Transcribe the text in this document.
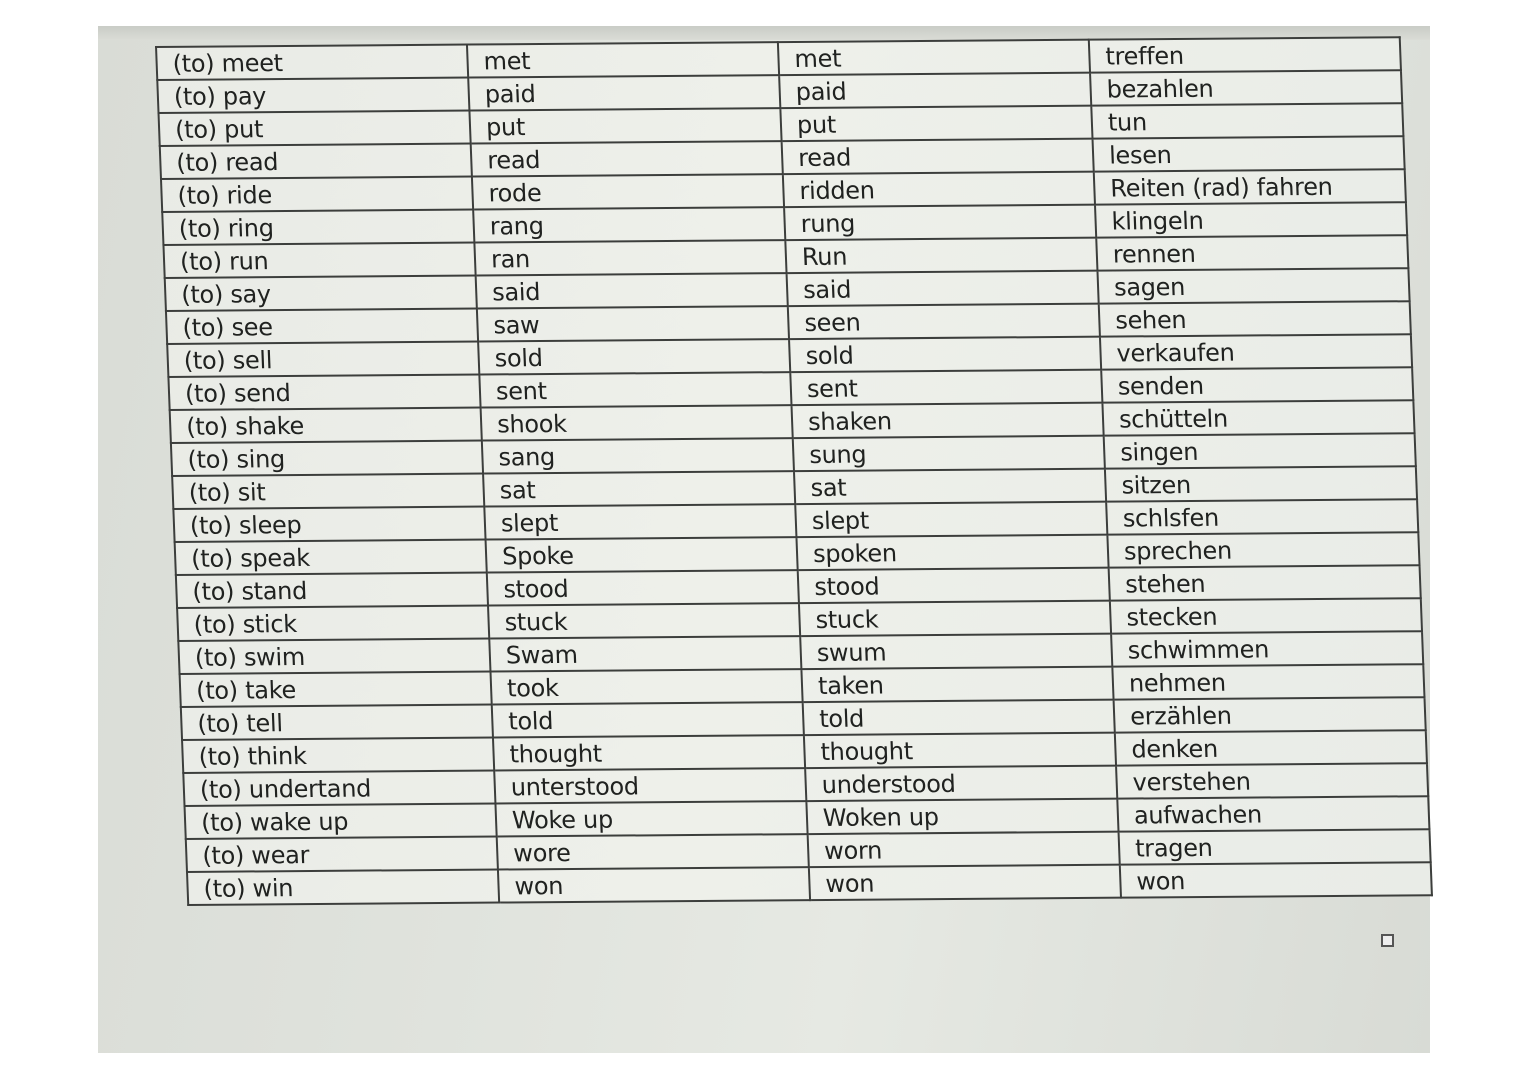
(to) meet	met	met	treffen
(to) pay	paid	paid	bezahlen
(to) put	put	put	tun
(to) read	read	read	lesen
(to) ride	rode	ridden	Reiten (rad) fahren
(to) ring	rang	rung	klingeln
(to) run	ran	Run	rennen
(to) say	said	said	sagen
(to) see	saw	seen	sehen
(to) sell	sold	sold	verkaufen
(to) send	sent	sent	senden
(to) shake	shook	shaken	schütteln
(to) sing	sang	sung	singen
(to) sit	sat	sat	sitzen
(to) sleep	slept	slept	schlsfen
(to) speak	Spoke	spoken	sprechen
(to) stand	stood	stood	stehen
(to) stick	stuck	stuck	stecken
(to) swim	Swam	swum	schwimmen
(to) take	took	taken	nehmen
(to) tell	told	told	erzählen
(to) think	thought	thought	denken
(to) undertand	unterstood	understood	verstehen
(to) wake up	Woke up	Woken up	aufwachen
(to) wear	wore	worn	tragen
(to) win	won	won	won
